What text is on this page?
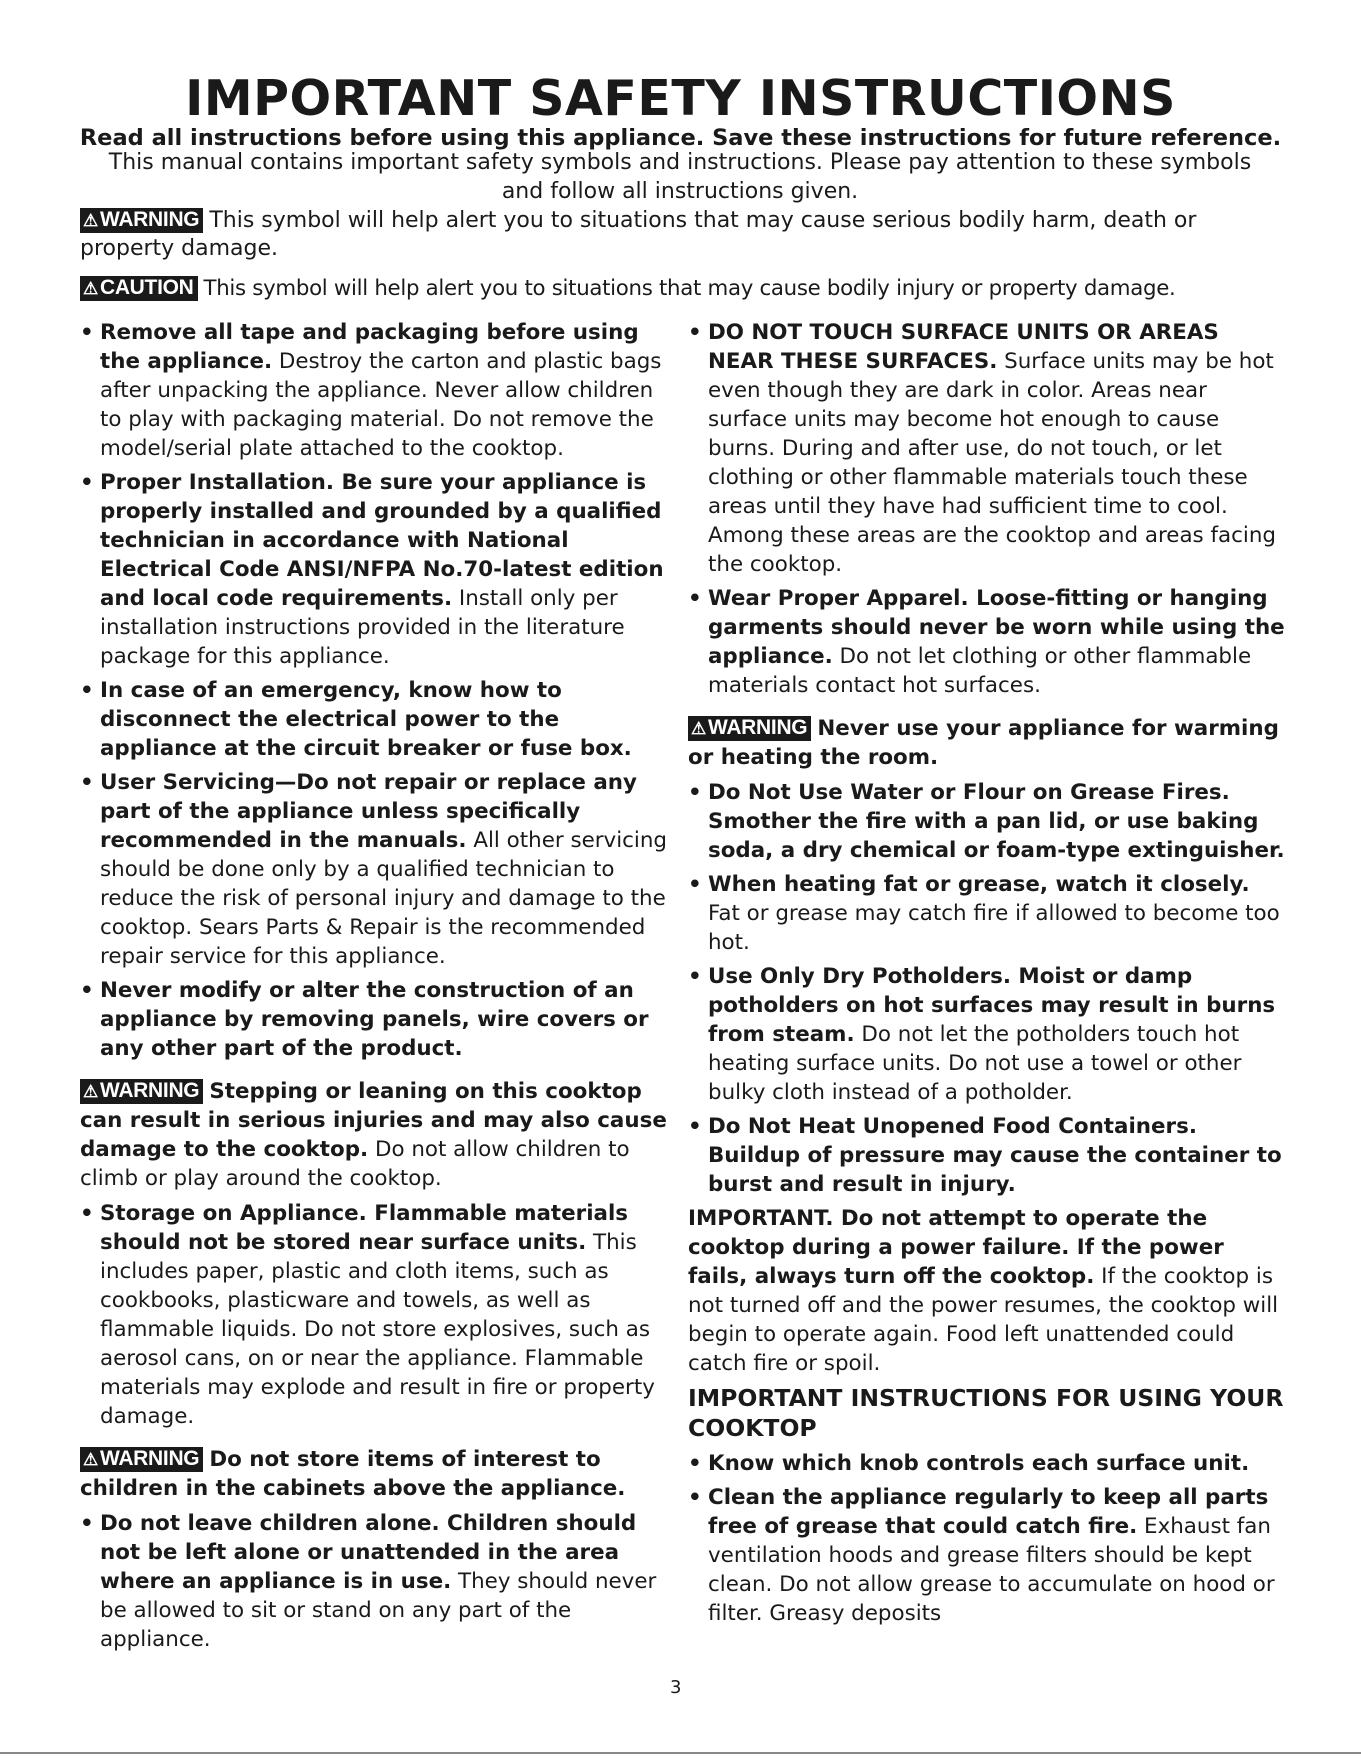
IMPORTANT SAFETY INSTRUCTIONS

Read all instructions before using this appliance. Save these instructions for future reference.

This manual contains important safety symbols and instructions. Please pay attention to these symbols and follow all instructions given.

⚠WARNING This symbol will help alert you to situations that may cause serious bodily harm, death or property damage.

⚠CAUTION This symbol will help alert you to situations that may cause bodily injury or property damage.

• Remove all tape and packaging before using the appliance. Destroy the carton and plastic bags after unpacking the appliance. Never allow children to play with packaging material. Do not remove the model/serial plate attached to the cooktop.
• Proper Installation. Be sure your appliance is properly installed and grounded by a qualified technician in accordance with National Electrical Code ANSI/NFPA No.70-latest edition and local code requirements. Install only per installation instructions provided in the literature package for this appliance.
• In case of an emergency, know how to disconnect the electrical power to the appliance at the circuit breaker or fuse box.
• User Servicing—Do not repair or replace any part of the appliance unless specifically recommended in the manuals. All other servicing should be done only by a qualified technician to reduce the risk of personal injury and damage to the cooktop. Sears Parts & Repair is the recommended repair service for this appliance.
• Never modify or alter the construction of an appliance by removing panels, wire covers or any other part of the product.

⚠WARNING Stepping or leaning on this cooktop can result in serious injuries and may also cause damage to the cooktop. Do not allow children to climb or play around the cooktop.

• Storage on Appliance. Flammable materials should not be stored near surface units. This includes paper, plastic and cloth items, such as cookbooks, plasticware and towels, as well as flammable liquids. Do not store explosives, such as aerosol cans, on or near the appliance. Flammable materials may explode and result in fire or property damage.

⚠WARNING Do not store items of interest to children in the cabinets above the appliance.

• Do not leave children alone. Children should not be left alone or unattended in the area where an appliance is in use. They should never be allowed to sit or stand on any part of the appliance.
• DO NOT TOUCH SURFACE UNITS OR AREAS NEAR THESE SURFACES. Surface units may be hot even though they are dark in color. Areas near surface units may become hot enough to cause burns. During and after use, do not touch, or let clothing or other flammable materials touch these areas until they have had sufficient time to cool. Among these areas are the cooktop and areas facing the cooktop.
• Wear Proper Apparel. Loose-fitting or hanging garments should never be worn while using the appliance. Do not let clothing or other flammable materials contact hot surfaces.

⚠WARNING Never use your appliance for warming or heating the room.

• Do Not Use Water or Flour on Grease Fires. Smother the fire with a pan lid, or use baking soda, a dry chemical or foam-type extinguisher.
• When heating fat or grease, watch it closely. Fat or grease may catch fire if allowed to become too hot.
• Use Only Dry Potholders. Moist or damp potholders on hot surfaces may result in burns from steam. Do not let the potholders touch hot heating surface units. Do not use a towel or other bulky cloth instead of a potholder.
• Do Not Heat Unopened Food Containers. Buildup of pressure may cause the container to burst and result in injury.

IMPORTANT. Do not attempt to operate the cooktop during a power failure. If the power fails, always turn off the cooktop. If the cooktop is not turned off and the power resumes, the cooktop will begin to operate again. Food left unattended could catch fire or spoil.

IMPORTANT INSTRUCTIONS FOR USING YOUR COOKTOP
• Know which knob controls each surface unit.
• Clean the appliance regularly to keep all parts free of grease that could catch fire. Exhaust fan ventilation hoods and grease filters should be kept clean. Do not allow grease to accumulate on hood or filter. Greasy deposits
3
